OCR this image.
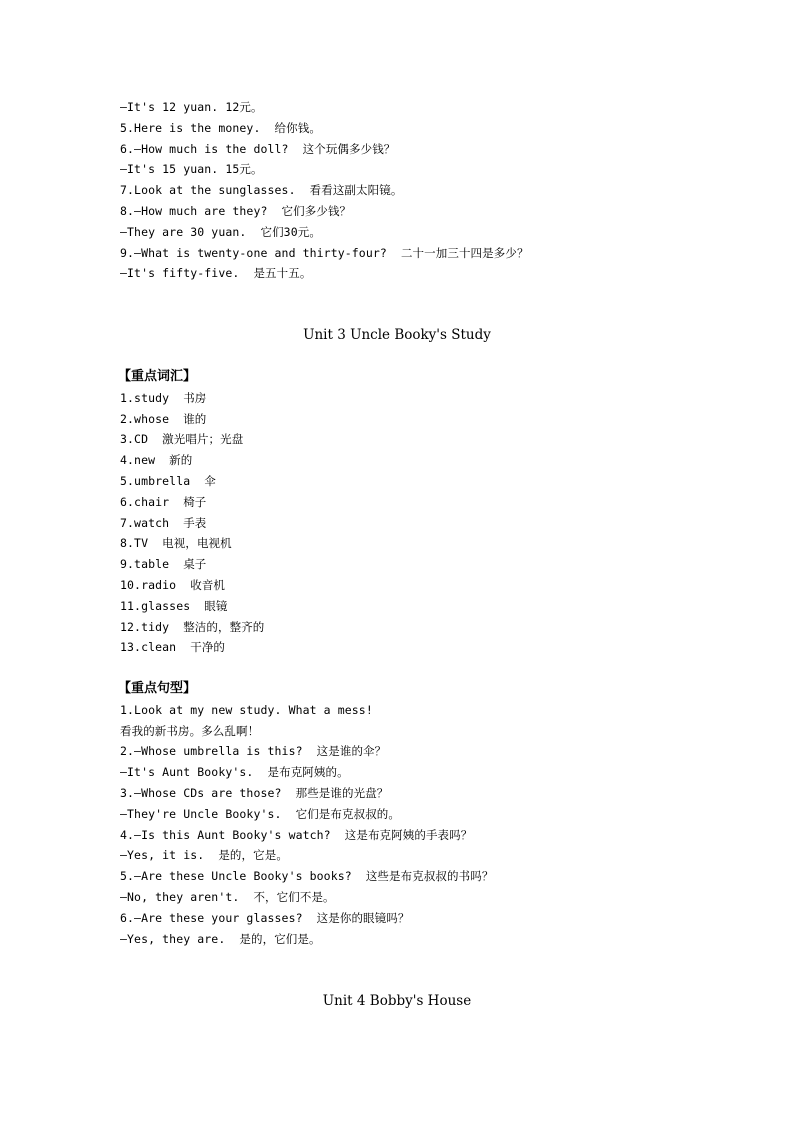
—It's 12 yuan. 12元。
5.Here is the money.  给你钱。
6.—How much is the doll?  这个玩偶多少钱？
—It's 15 yuan. 15元。
7.Look at the sunglasses.  看看这副太阳镜。
8.—How much are they?  它们多少钱？
—They are 30 yuan.  它们30元。
9.—What is twenty-one and thirty-four?  二十一加三十四是多少？
—It's fifty-five.  是五十五。
Unit 3 Uncle Booky's Study
【重点词汇】
1.study  书房
2.whose  谁的
3.CD  激光唱片；光盘
4.new  新的
5.umbrella  伞
6.chair  椅子
7.watch  手表
8.TV  电视，电视机
9.table  桌子
10.radio  收音机
11.glasses  眼镜
12.tidy  整洁的，整齐的
13.clean  干净的
【重点句型】
1.Look at my new study. What a mess!
看我的新书房。多么乱啊！
2.—Whose umbrella is this?  这是谁的伞？
—It's Aunt Booky's.  是布克阿姨的。
3.—Whose CDs are those?  那些是谁的光盘？
—They're Uncle Booky's.  它们是布克叔叔的。
4.—Is this Aunt Booky's watch?  这是布克阿姨的手表吗？
—Yes, it is.  是的，它是。
5.—Are these Uncle Booky's books?  这些是布克叔叔的书吗？
—No, they aren't.  不，它们不是。
6.—Are these your glasses?  这是你的眼镜吗？
—Yes, they are.  是的，它们是。
Unit 4 Bobby's House
